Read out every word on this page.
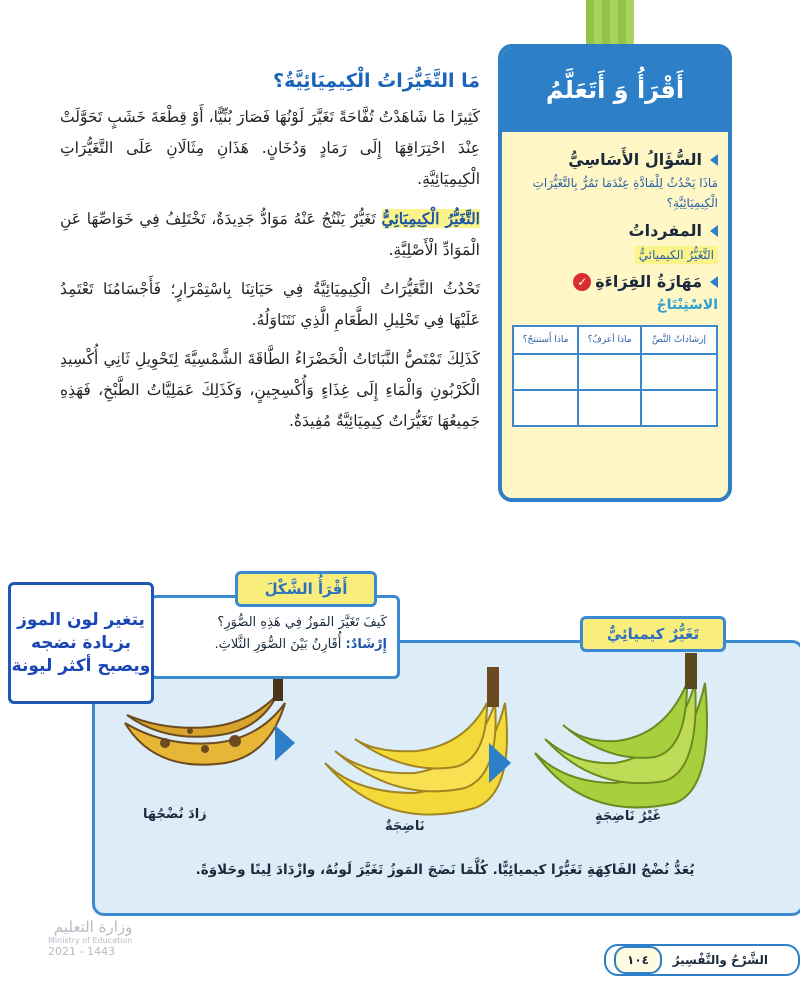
مَا التَّغَيُّرَاتُ الْكِيمِيَائِيَّةُ؟

كَثِيرًا مَا شَاهَدْتُ تُفَّاحَةً تَغَيَّرَ لَوْنُهَا فَصَارَ بُنِّيًّا، أَوْ قِطْعَةَ خَشَبٍ تَحَوَّلَتْ عِنْدَ احْتِرَاقِهَا إِلَى رَمَادٍ وَدُخَانٍ. هَذَانِ مِثَالَانِ عَلَى التَّغَيُّرَاتِ الْكِيمِيَائِيَّةِ.

التَّغَيُّرُ الْكِيمِيَائِيُّ تَغَيُّرٌ يَنْتُجُ عَنْهُ مَوَادُّ جَدِيدَةٌ، تَخْتَلِفُ فِي خَوَاصِّهَا عَنِ الْمَوَادِّ الْأَصْلِيَّةِ.

تَحْدُثُ التَّغَيُّرَاتُ الْكِيمِيَائِيَّةُ فِي حَيَاتِنَا بِاسْتِمْرَارٍ؛ فَأَجْسَامُنَا تَعْتَمِدُ عَلَيْهَا فِي تَحْلِيلِ الطَّعَامِ الَّذِي نَتَنَاوَلُهُ.

كَذَلِكَ تَمْتَصُّ النَّبَاتَاتُ الْخَضْرَاءُ الطَّاقَةَ الشَّمْسِيَّةَ لِتَحْوِيلِ ثَانِي أُكْسِيدِ الْكَرْبُونِ وَالْمَاءِ إِلَى غِذَاءٍ وَأُكْسِجِينٍ، وَكَذَلِكَ عَمَلِيَّاتُ الطَّبْخِ، فَهَذِهِ جَمِيعُهَا تَغَيُّرَاتٌ كِيمِيَائِيَّةٌ مُفِيدَةٌ.

أَقْرَأُ وَ أَتَعَلَّمُ
السُّؤَالُ الأَسَاسِيُّ
مَاذَا يَحْدُثُ لِلْمَادَّةِ عِنْدَمَا تَمُرُّ بِالتَّغَيُّرَاتِ الْكِيمِيَائِيَّةِ؟
المفرداتُ
التَّغَيُّرُ الكيميائيُّ
مَهَارَةُ القِرَاءَةِ
✓
الاسْتِنْتَاجُ
إرشاداتُ النَّصِّ	ماذا أعرفُ؟	ماذا أَستنتجُ؟

زادَ نُضْجُهَا
نَاضِجَةٌ
غَيْرُ نَاضِجَةٍ
تَغَيُّرٌ كيميائِيٌّ
يُعَدُّ نُضْجُ الفَاكِهَةِ تَغَيُّرًا كيميائِيًّا. كُلَّمَا نَضَجَ المَوزُ تَغَيَّرَ لَونُهُ، وازْدَادَ لِينًا وحَلاوَةً.
كَيفَ تَغَيَّرَ المَوزُ فِي هَذِهِ الصُّوَرِ؟
إِرْشَادٌ: أُقَارِنُ بَيْنَ الصُّوَرِ الثَّلاثِ.
أَقْرَأُ الشَّكْلَ
يتغير لون الموز بزيادة نضجه ويصبح أكثر ليونة
وزارة التعليم
Ministry of Education
2021 - 1443
الشَّرْحُ والتَّفْسِيرُ
١٠٤
